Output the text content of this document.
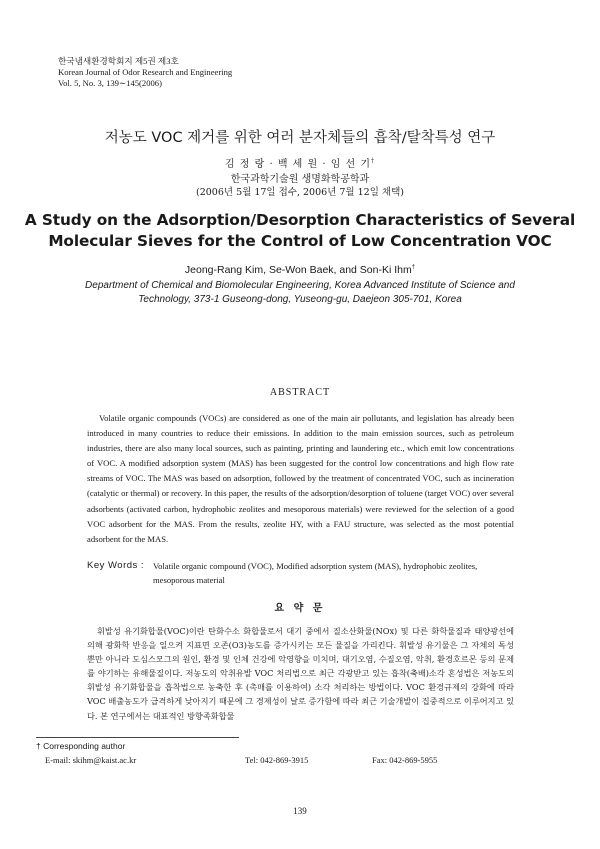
한국냄새환경학회지 제5권 제3호
Korean Journal of Odor Research and Engineering
Vol. 5, No. 3, 139∼145(2006)
저농도 VOC 제거를 위한 여러 분자체들의 흡착/탈착특성 연구
김 정 랑 · 백 세 원 · 임 선 기†
한국과학기술원 생명화학공학과
(2006년 5월 17일 접수, 2006년 7월 12일 채택)
A Study on the Adsorption/Desorption Characteristics of Several
Molecular Sieves for the Control of Low Concentration VOC
Jeong-Rang Kim, Se-Won Baek, and Son-Ki Ihm†
Department of Chemical and Biomolecular Engineering, Korea Advanced Institute of Science and
Technology, 373-1 Guseong-dong, Yuseong-gu, Daejeon 305-701, Korea
ABSTRACT

Volatile organic compounds (VOCs) are considered as one of the main air pollutants, and legislation has already been introduced in many countries to reduce their emissions. In addition to the main emission sources, such as petroleum industries, there are also many local sources, such as painting, printing and laundering etc., which emit low concentrations of VOC. A modified adsorption system (MAS) has been suggested for the control low concentrations and high flow rate streams of VOC. The MAS was based on adsorption, followed by the treatment of concentrated VOC, such as incineration (catalytic or thermal) or recovery. In this paper, the results of the adsorption/desorption of toluene (target VOC) over several adsorbents (activated carbon, hydrophobic zeolites and mesoporous materials) were reviewed for the selection of a good VOC adsorbent for the MAS. From the results, zeolite HY, with a FAU structure, was selected as the most potential adsorbent for the MAS.

Key Words : Volatile organic compound (VOC), Modified adsorption system (MAS), hydrophobic zeolites, mesoporous material
요 약 문

휘발성 유기화합물(VOC)이란 탄화수소 화합물로서 대기 중에서 질소산화물(NOx) 및 다른 화학물질과 태양광선에 의해 광화학 반응을 일으켜 지표면 오존(O3)농도를 증가시키는 모든 물질을 가리킨다. 휘발성 유기물은 그 자체의 독성뿐만 아니라 도심스모그의 원인, 환경 및 인체 건강에 악영향을 미치며, 대기오염, 수질오염, 악취, 환경호르몬 등의 문제를 야기하는 유해물질이다. 저농도의 악취유발 VOC 처리법으로 최근 각광받고 있는 흡착(축배)소각 혼성법은 저농도의 휘발성 유기화합물을 흡착법으로 농축한 후 (촉매를 이용하여) 소각 처리하는 방법이다. VOC 환경규제의 강화에 따라 VOC 배출농도가 급격하게 낮아지기 때문에 그 경제성이 날로 증가함에 따라 최근 기술개발이 집중적으로 이루어지고 있다. 본 연구에서는 대표적인 방향족화합물

† Corresponding author
E-mail: skihm@kaist.ac.kr	Tel: 042-869-3915	Fax: 042-869-5955
139
